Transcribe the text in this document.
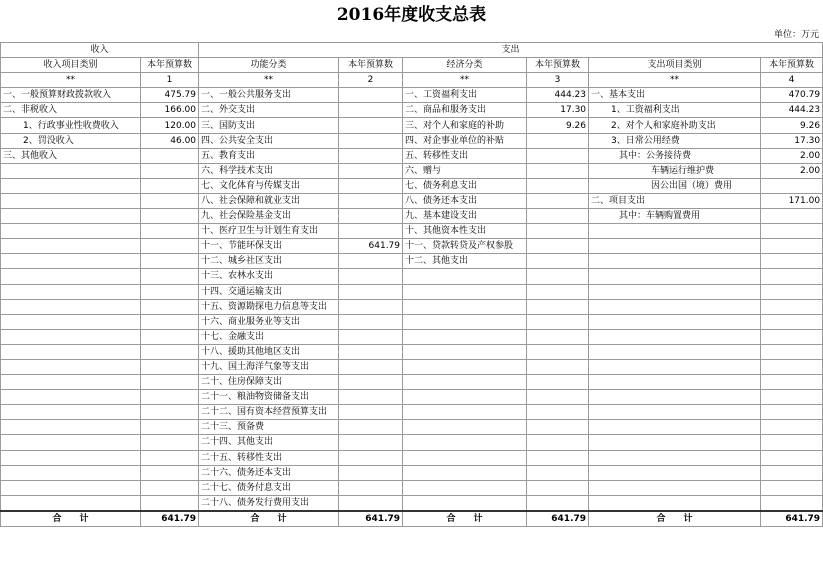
2016年度收支总表
单位：万元
收入		支出					
收入项目类别	本年预算数	功能分类	本年预算数	经济分类	本年预算数	支出项目类别	本年预算数
**	1	**	2	**	3	**	4
一、一般预算财政拨款收入	475.79	一、一般公共服务支出		一、工资福利支出	444.23	一、基本支出	470.79
二、非税收入	166.00	二、外交支出		二、商品和服务支出	17.30	1、工资福利支出	444.23
1、行政事业性收费收入	120.00	三、国防支出		三、对个人和家庭的补助	9.26	2、对个人和家庭补助支出	9.26
2、罚没收入	46.00	四、公共安全支出		四、对企事业单位的补贴		3、日常公用经费	17.30
三、其他收入		五、教育支出		五、转移性支出		其中：公务接待费	2.00
		六、科学技术支出		六、赠与		车辆运行维护费	2.00
		七、文化体育与传媒支出		七、债务利息支出		因公出国（境）费用	
		八、社会保障和就业支出		八、债务还本支出		二、项目支出	171.00
		九、社会保险基金支出		九、基本建设支出		其中：车辆购置费用	
		十、医疗卫生与计划生育支出		十、其他资本性支出			
		十一、节能环保支出	641.79	十一、贷款转贷及产权参股			
		十二、城乡社区支出		十二、其他支出			
		十三、农林水支出					
		十四、交通运输支出					
		十五、资源勘探电力信息等支出					
		十六、商业服务业等支出					
		十七、金融支出					
		十八、援助其他地区支出					
		十九、国土海洋气象等支出					
		二十、住房保障支出					
		二十一、粮油物资储备支出					
		二十二、国有资本经营预算支出					
		二十三、预备费					
		二十四、其他支出					
		二十五、转移性支出					
		二十六、债务还本支出					
		二十七、债务付息支出					
		二十八、债务发行费用支出					
合　　计	641.79	合　　计	641.79	合　　计	641.79	合　　计	641.79
